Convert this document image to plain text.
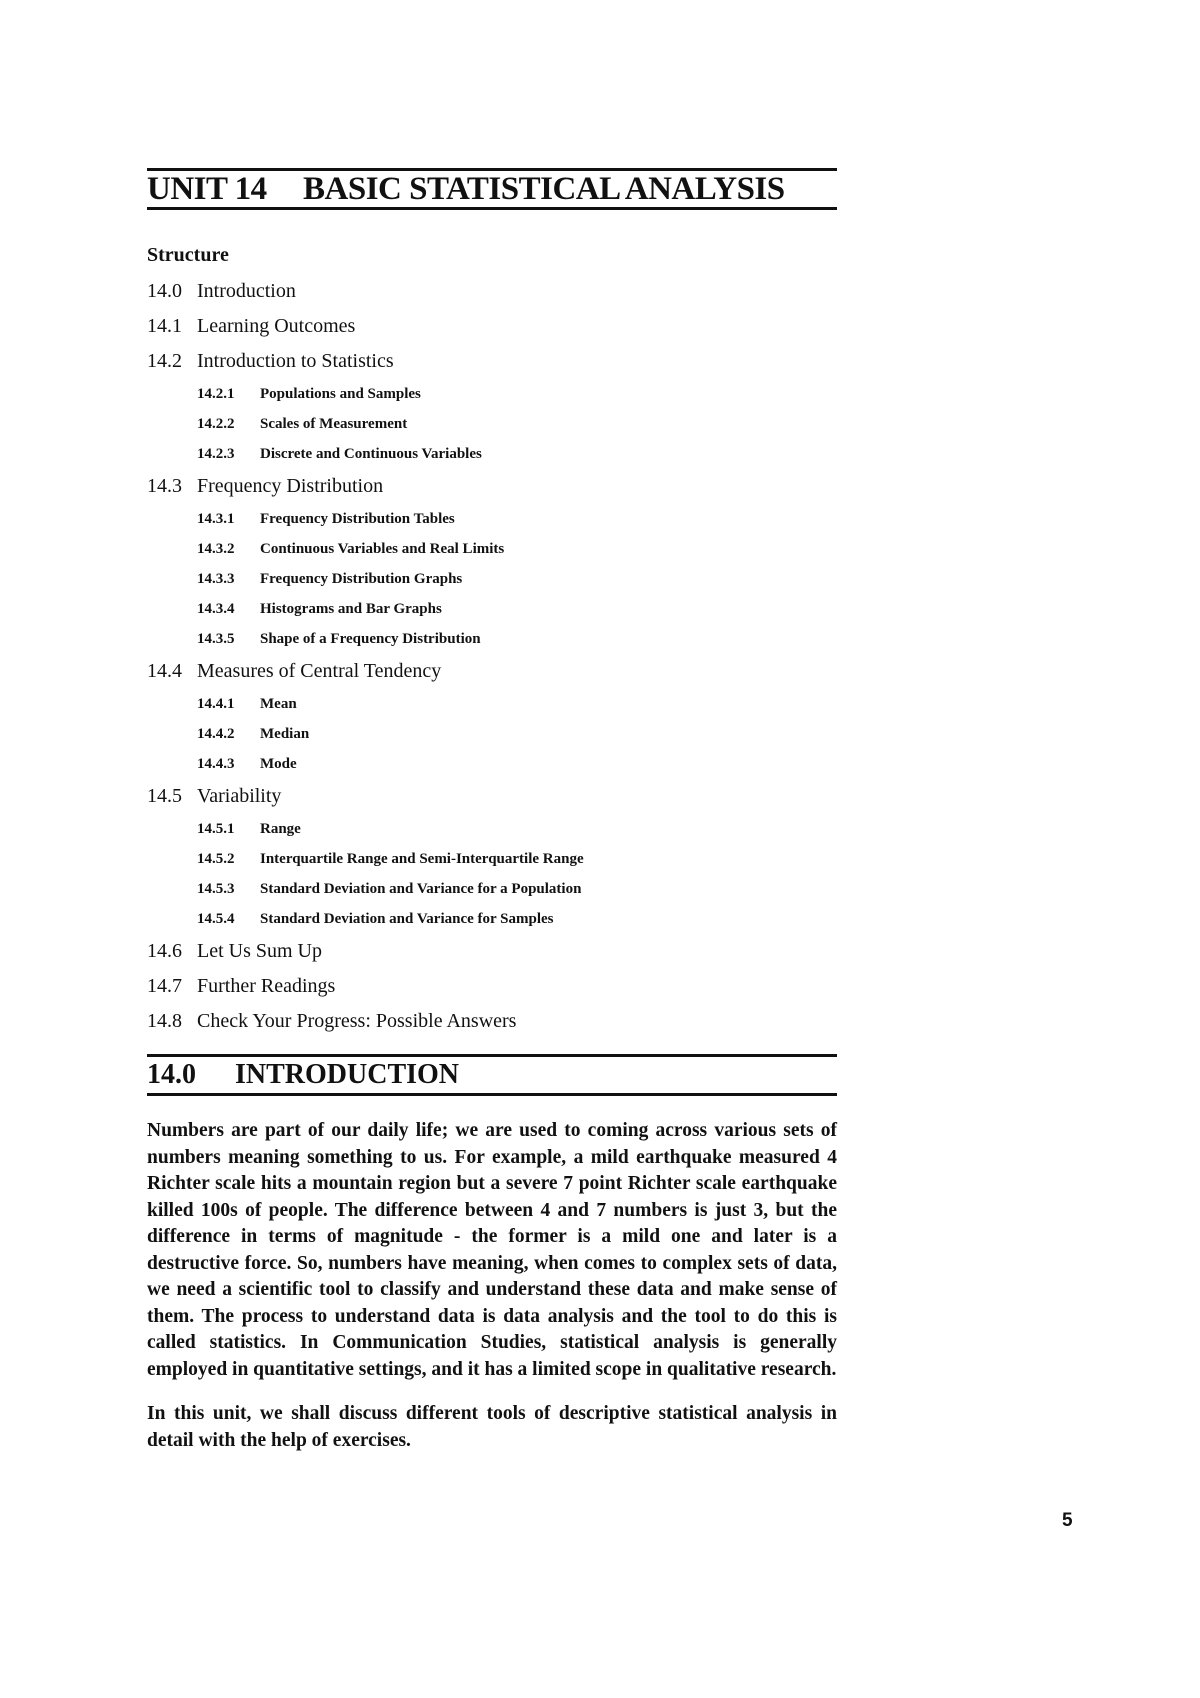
UNIT 14	BASIC STATISTICAL ANALYSIS
Structure
14.0 Introduction
14.1 Learning Outcomes
14.2 Introduction to Statistics
14.2.1	Populations and Samples
14.2.2	Scales of Measurement
14.2.3	Discrete and Continuous Variables
14.3 Frequency Distribution
14.3.1	Frequency Distribution Tables
14.3.2	Continuous Variables and Real Limits
14.3.3	Frequency Distribution Graphs
14.3.4	Histograms and Bar Graphs
14.3.5	Shape of a Frequency Distribution
14.4 Measures of Central Tendency
14.4.1	Mean
14.4.2	Median
14.4.3	Mode
14.5 Variability
14.5.1	Range
14.5.2	Interquartile Range and Semi-Interquartile Range
14.5.3	Standard Deviation and Variance for a Population
14.5.4	Standard Deviation and Variance for Samples
14.6 Let Us Sum Up
14.7 Further Readings
14.8 Check Your Progress: Possible Answers
14.0	INTRODUCTION

Numbers are part of our daily life; we are used to coming across various sets of numbers meaning something to us. For example, a mild earthquake measured 4 Richter scale hits a mountain region but a severe 7 point Richter scale earthquake killed 100s of people. The difference between 4 and 7 numbers is just 3, but the difference in terms of magnitude - the former is a mild one and later is a destructive force. So, numbers have meaning, when comes to complex sets of data, we need a scientific tool to classify and understand these data and make sense of them. The process to understand data is data analysis and the tool to do this is called statistics. In Communication Studies, statistical analysis is generally employed in quantitative settings, and it has a limited scope in qualitative research.

In this unit, we shall discuss different tools of descriptive statistical analysis in detail with the help of exercises.

5
